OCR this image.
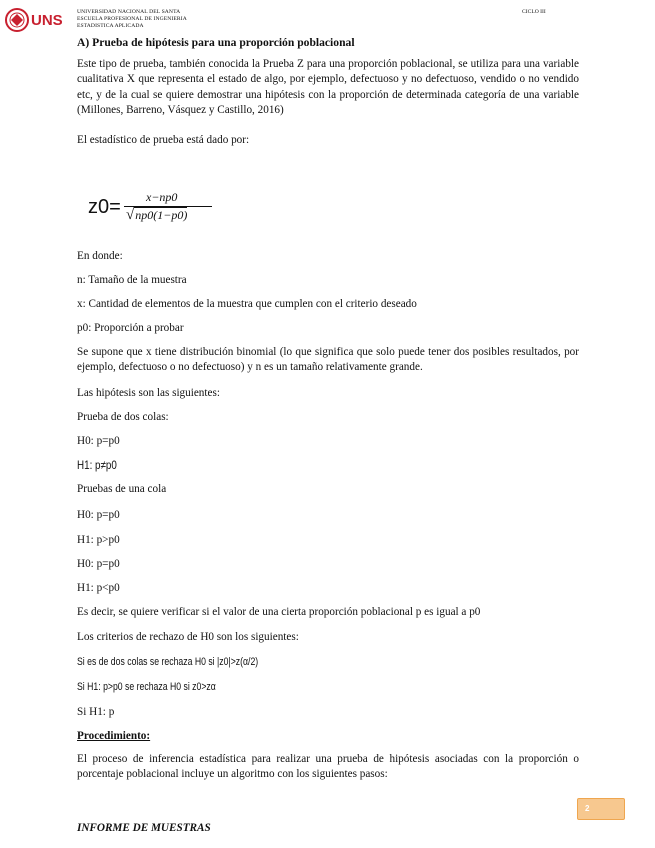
UNS	UNIVERSIDAD NACIONAL DEL SANTA
ESCUELA PROFESIONAL DE INGENIERIA
ESTADISTICA APLICADA
CICLO III
A) Prueba de hipótesis para una proporción poblacional
Este tipo de prueba, también conocida la Prueba Z para una proporción poblacional, se utiliza para una variable cualitativa X que representa el estado de algo, por ejemplo, defectuoso y no defectuoso, vendido o no vendido etc, y de la cual se quiere demostrar una hipótesis con la proporción de determinada categoría de una variable (Millones, Barreno, Vásquez y Castillo, 2016)
El estadístico de prueba está dado por:
z0= x−np0
√np0(1−p0)
En donde:
n: Tamaño de la muestra
x: Cantidad de elementos de la muestra que cumplen con el criterio deseado
p0: Proporción a probar
Se supone que x tiene distribución binomial (lo que significa que solo puede tener dos posibles resultados, por ejemplo, defectuoso o no defectuoso) y n es un tamaño relativamente grande.
Las hipótesis son las siguientes:
Prueba de dos colas:
H0: p=p0
H1: p≠p0
Pruebas de una cola
H0: p=p0
H1: p>p0
H0: p=p0
H1: p<p0
Es decir, se quiere verificar si el valor de una cierta proporción poblacional p es igual a p0
Los criterios de rechazo de H0 son los siguientes:
Si es de dos colas se rechaza H0 si |z0|>z(α/2)
Si H1: p>p0 se rechaza H0 si z0>zα
Si H1: p
Procedimiento:
El proceso de inferencia estadística para realizar una prueba de hipótesis asociadas con la proporción o porcentaje poblacional incluye un algoritmo con los siguientes pasos:
2
INFORME DE MUESTRAS
